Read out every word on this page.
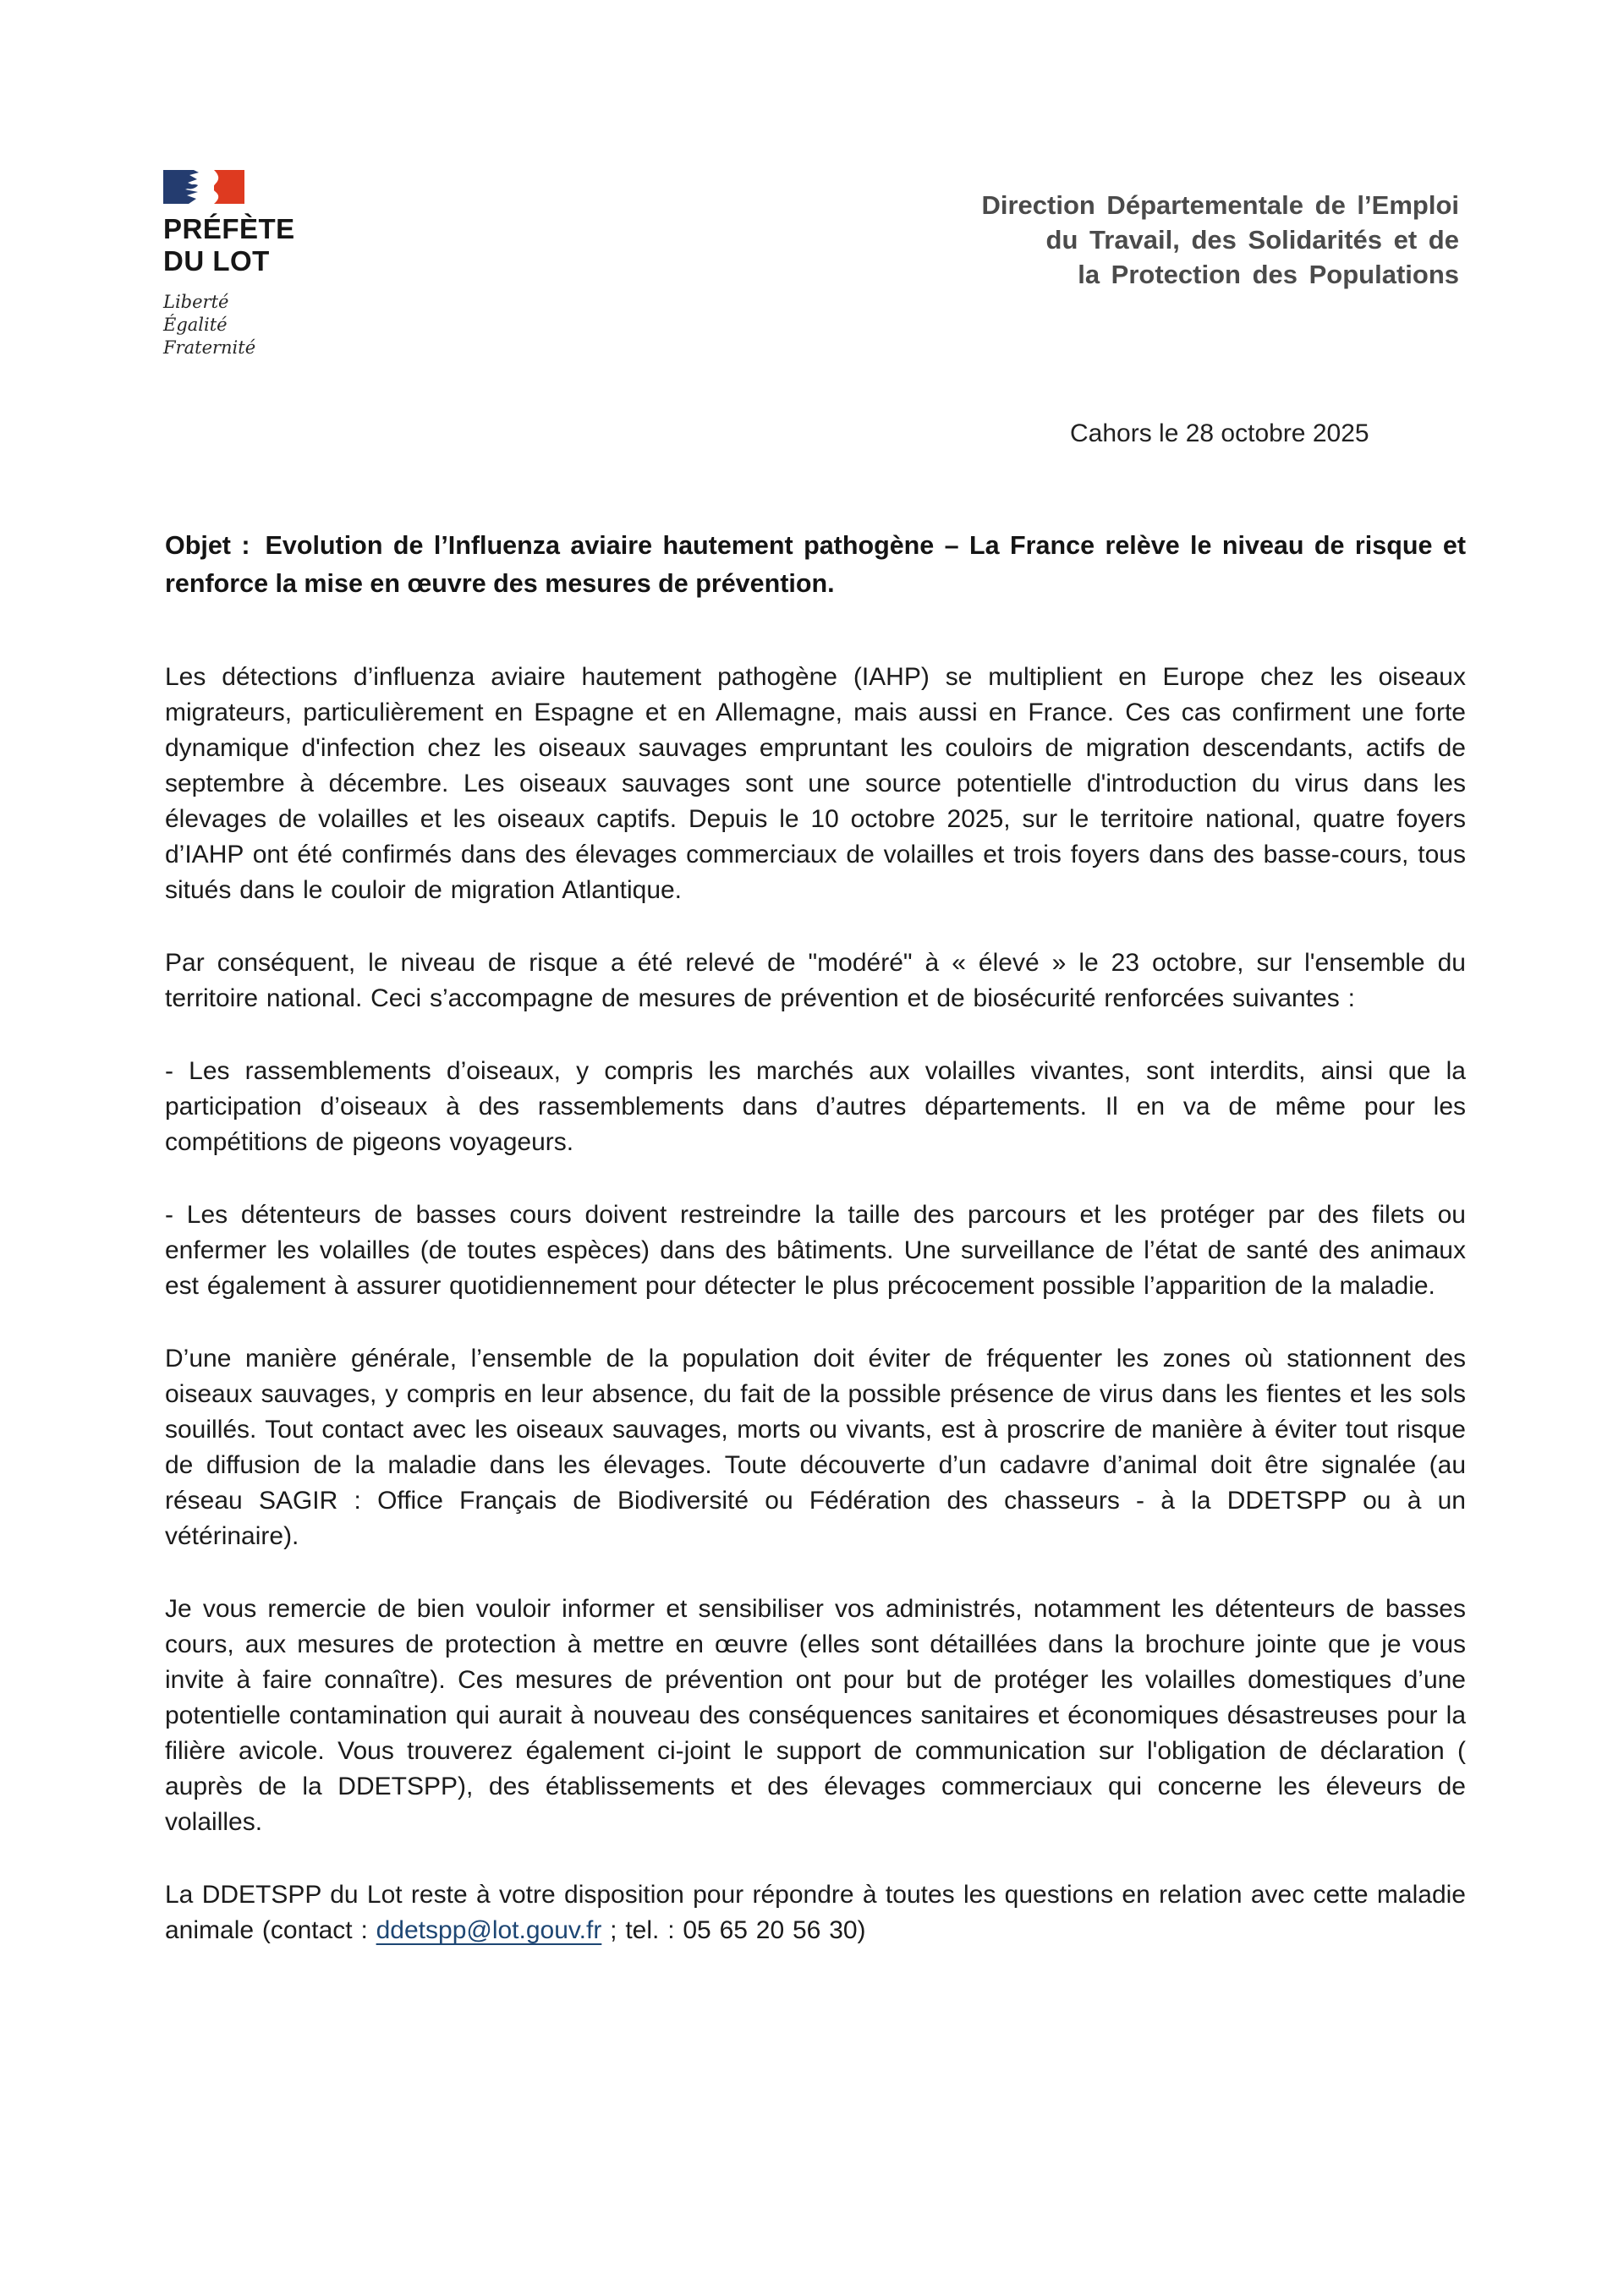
PRÉFÈTE
DU LOT
Liberté
Égalité
Fraternité
Direction Départementale de l’Emploi
du Travail, des Solidarités et de
la Protection des Populations
Cahors le 28 octobre 2025
Objet : Evolution de l’Influenza aviaire hautement pathogène – La France relève le niveau de risque et renforce la mise en œuvre des mesures de prévention.

Les détections d’influenza aviaire hautement pathogène (IAHP) se multiplient en Europe chez les oiseaux migrateurs, particulièrement en Espagne et en Allemagne, mais aussi en France. Ces cas confirment une forte dynamique d'infection chez les oiseaux sauvages empruntant les couloirs de migration descendants, actifs de septembre à décembre. Les oiseaux sauvages sont une source potentielle d'introduction du virus dans les élevages de volailles et les oiseaux captifs. Depuis le 10 octobre 2025, sur le territoire national, quatre foyers d’IAHP ont été confirmés dans des élevages commerciaux de volailles et trois foyers dans des basse-cours, tous situés dans le couloir de migration Atlantique.

Par conséquent, le niveau de risque a été relevé de "modéré" à « élevé » le 23 octobre, sur l'ensemble du territoire national. Ceci s’accompagne de mesures de prévention et de biosécurité renforcées suivantes :

- Les rassemblements d’oiseaux, y compris les marchés aux volailles vivantes, sont interdits, ainsi que la participation d’oiseaux à des rassemblements dans d’autres départements. Il en va de même pour les compétitions de pigeons voyageurs.

- Les détenteurs de basses cours doivent restreindre la taille des parcours et les protéger par des filets ou enfermer les volailles (de toutes espèces) dans des bâtiments. Une surveillance de l’état de santé des animaux est également à assurer quotidiennement pour détecter le plus précocement possible l’apparition de la maladie.

D’une manière générale, l’ensemble de la population doit éviter de fréquenter les zones où stationnent des oiseaux sauvages, y compris en leur absence, du fait de la possible présence de virus dans les fientes et les sols souillés. Tout contact avec les oiseaux sauvages, morts ou vivants, est à proscrire de manière à éviter tout risque de diffusion de la maladie dans les élevages. Toute découverte d’un cadavre d’animal doit être signalée (au réseau SAGIR : Office Français de Biodiversité ou Fédération des chasseurs - à la DDETSPP ou à un vétérinaire).

Je vous remercie de bien vouloir informer et sensibiliser vos administrés, notamment les détenteurs de basses cours, aux mesures de protection à mettre en œuvre (elles sont détaillées dans la brochure jointe que je vous invite à faire connaître). Ces mesures de prévention ont pour but de protéger les volailles domestiques d’une potentielle contamination qui aurait à nouveau des conséquences sanitaires et économiques désastreuses pour la filière avicole. Vous trouverez également ci-joint le support de communication sur l'obligation de déclaration ( auprès de la DDETSPP), des établissements et des élevages commerciaux qui concerne les éleveurs de volailles.

La DDETSPP du Lot reste à votre disposition pour répondre à toutes les questions en relation avec cette maladie animale (contact : ddetspp@lot.gouv.fr ; tel. : 05 65 20 56 30)
